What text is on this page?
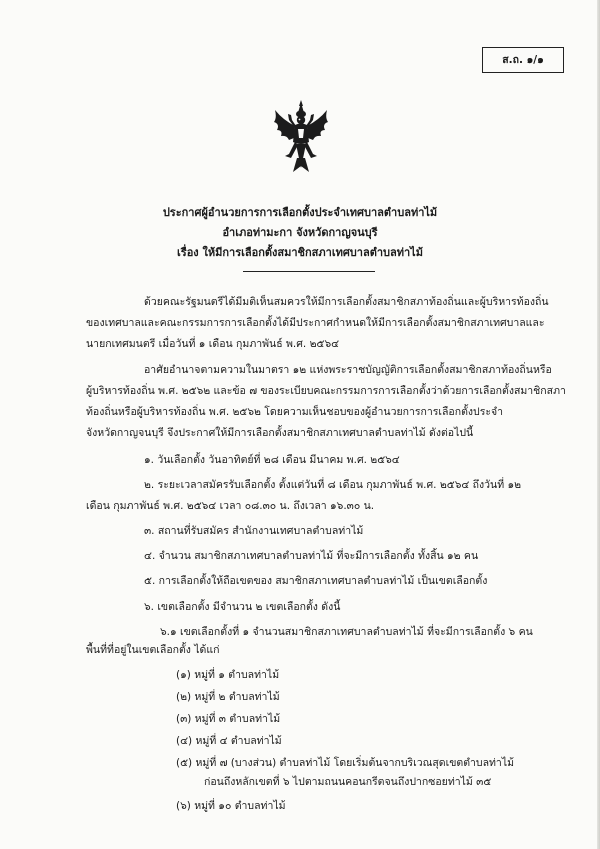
ส.ถ. ๑/๑
ประกาศผู้อำนวยการการเลือกตั้งประจำเทศบาลตำบลท่าไม้
อำเภอท่ามะกา จังหวัดกาญจนบุรี
เรื่อง ให้มีการเลือกตั้งสมาชิกสภาเทศบาลตำบลท่าไม้
ด้วยคณะรัฐมนตรีได้มีมติเห็นสมควรให้มีการเลือกตั้งสมาชิกสภาท้องถิ่นและผู้บริหารท้องถิ่น
ของเทศบาลและคณะกรรมการการเลือกตั้งได้มีประกาศกำหนดให้มีการเลือกตั้งสมาชิกสภาเทศบาลและ
นายกเทศมนตรี เมื่อวันที่ ๑ เดือน กุมภาพันธ์ พ.ศ. ๒๕๖๔
อาศัยอำนาจตามความในมาตรา ๑๒ แห่งพระราชบัญญัติการเลือกตั้งสมาชิกสภาท้องถิ่นหรือ
ผู้บริหารท้องถิ่น พ.ศ. ๒๕๖๒ และข้อ ๗ ของระเบียบคณะกรรมการการเลือกตั้งว่าด้วยการเลือกตั้งสมาชิกสภา
ท้องถิ่นหรือผู้บริหารท้องถิ่น พ.ศ. ๒๕๖๒ โดยความเห็นชอบของผู้อำนวยการการเลือกตั้งประจำ
จังหวัดกาญจนบุรี จึงประกาศให้มีการเลือกตั้งสมาชิกสภาเทศบาลตำบลท่าไม้ ดังต่อไปนี้
๑. วันเลือกตั้ง วันอาทิตย์ที่ ๒๘ เดือน มีนาคม พ.ศ. ๒๕๖๔
๒. ระยะเวลาสมัครรับเลือกตั้ง ตั้งแต่วันที่ ๘ เดือน กุมภาพันธ์ พ.ศ. ๒๕๖๔ ถึงวันที่ ๑๒
เดือน กุมภาพันธ์ พ.ศ. ๒๕๖๔ เวลา ๐๘.๓๐ น. ถึงเวลา ๑๖.๓๐ น.
๓. สถานที่รับสมัคร สำนักงานเทศบาลตำบลท่าไม้
๔. จำนวน สมาชิกสภาเทศบาลตำบลท่าไม้ ที่จะมีการเลือกตั้ง ทั้งสิ้น ๑๒ คน
๕. การเลือกตั้งให้ถือเขตของ สมาชิกสภาเทศบาลตำบลท่าไม้ เป็นเขตเลือกตั้ง
๖. เขตเลือกตั้ง มีจำนวน ๒ เขตเลือกตั้ง ดังนี้
๖.๑ เขตเลือกตั้งที่ ๑ จำนวนสมาชิกสภาเทศบาลตำบลท่าไม้ ที่จะมีการเลือกตั้ง ๖ คน
พื้นที่ที่อยู่ในเขตเลือกตั้ง ได้แก่
(๑) หมู่ที่ ๑ ตำบลท่าไม้
(๒) หมู่ที่ ๒ ตำบลท่าไม้
(๓) หมู่ที่ ๓ ตำบลท่าไม้
(๔) หมู่ที่ ๔ ตำบลท่าไม้
(๕) หมู่ที่ ๗ (บางส่วน) ตำบลท่าไม้ โดยเริ่มต้นจากบริเวณสุดเขตตำบลท่าไม้
ก่อนถึงหลักเขตที่ ๖ ไปตามถนนคอนกรีตจนถึงปากซอยท่าไม้ ๓๕
(๖) หมู่ที่ ๑๐ ตำบลท่าไม้
